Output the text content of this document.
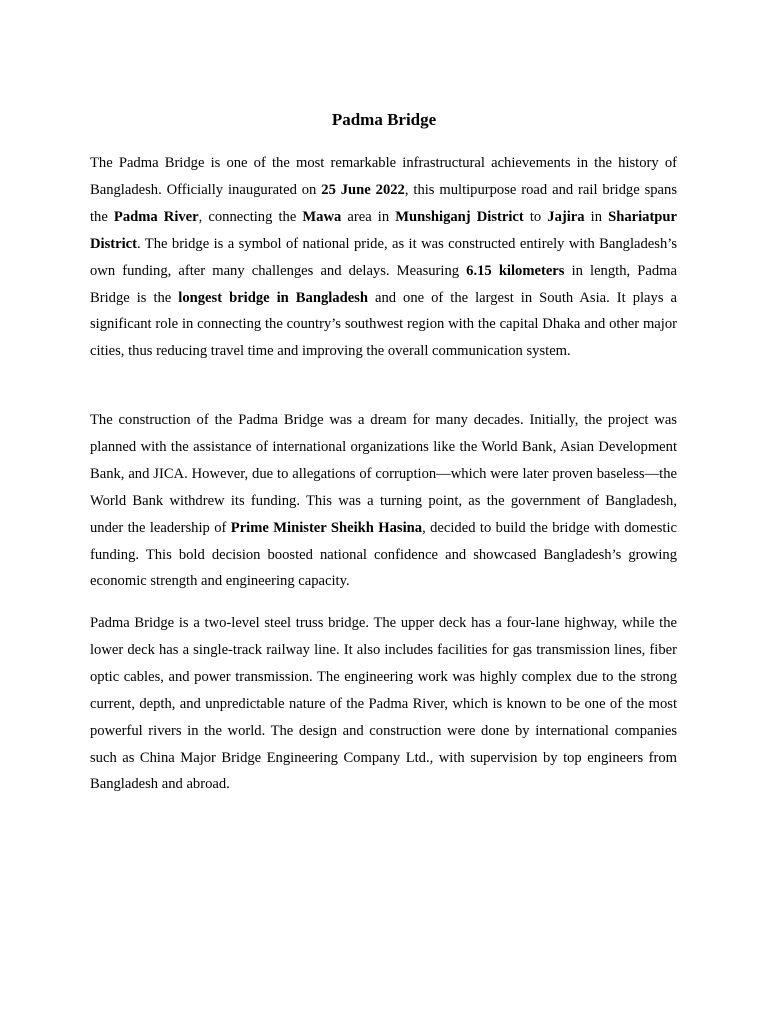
Padma Bridge

The Padma Bridge is one of the most remarkable infrastructural achievements in the history of Bangladesh. Officially inaugurated on 25 June 2022, this multipurpose road and rail bridge spans the Padma River, connecting the Mawa area in Munshiganj District to Jajira in Shariatpur District. The bridge is a symbol of national pride, as it was constructed entirely with Bangladesh’s own funding, after many challenges and delays. Measuring 6.15 kilometers in length, Padma Bridge is the longest bridge in Bangladesh and one of the largest in South Asia. It plays a significant role in connecting the country’s southwest region with the capital Dhaka and other major cities, thus reducing travel time and improving the overall communication system.

The construction of the Padma Bridge was a dream for many decades. Initially, the project was planned with the assistance of international organizations like the World Bank, Asian Development Bank, and JICA. However, due to allegations of corruption—which were later proven baseless—the World Bank withdrew its funding. This was a turning point, as the government of Bangladesh, under the leadership of Prime Minister Sheikh Hasina, decided to build the bridge with domestic funding. This bold decision boosted national confidence and showcased Bangladesh’s growing economic strength and engineering capacity.

Padma Bridge is a two-level steel truss bridge. The upper deck has a four-lane highway, while the lower deck has a single-track railway line. It also includes facilities for gas transmission lines, fiber optic cables, and power transmission. The engineering work was highly complex due to the strong current, depth, and unpredictable nature of the Padma River, which is known to be one of the most powerful rivers in the world. The design and construction were done by international companies such as China Major Bridge Engineering Company Ltd., with supervision by top engineers from Bangladesh and abroad.
